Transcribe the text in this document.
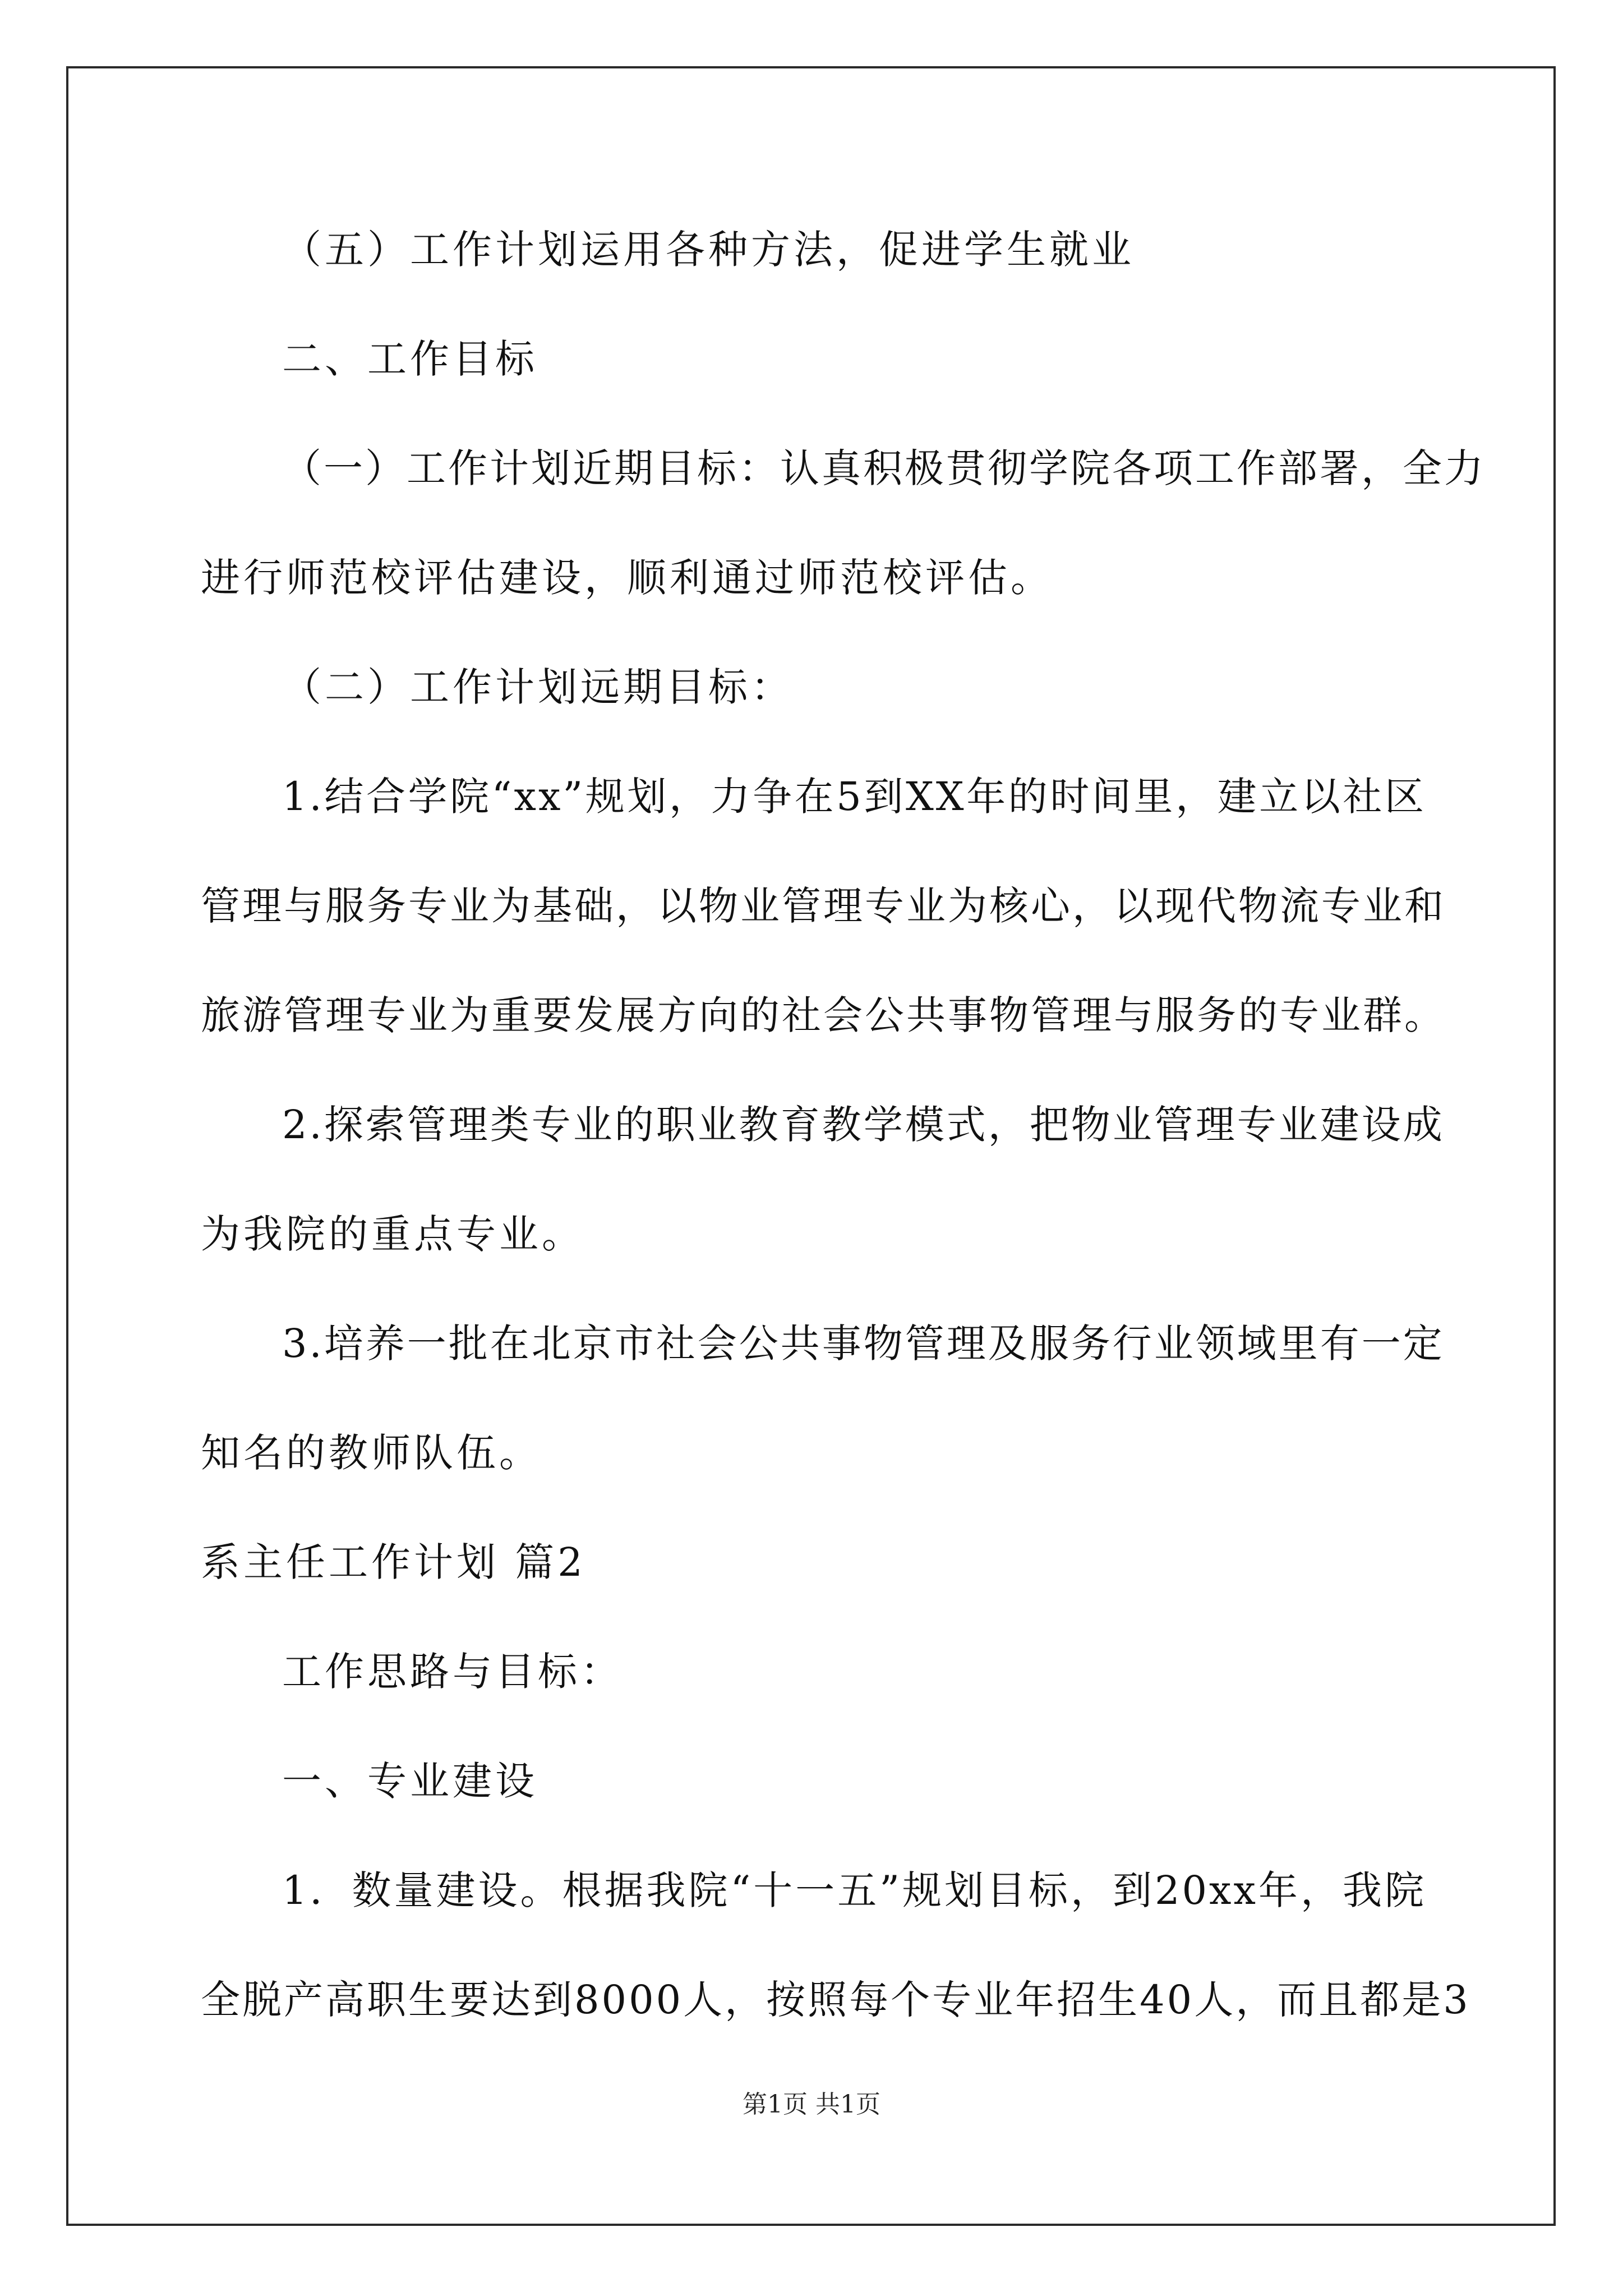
（五）工作计划运用各种方法，促进学生就业
二、工作目标
（一）工作计划近期目标：认真积极贯彻学院各项工作部署，全力
进行师范校评估建设，顺利通过师范校评估。
（二）工作计划远期目标：
1.结合学院“xx”规划，力争在5到XX年的时间里，建立以社区
管理与服务专业为基础，以物业管理专业为核心，以现代物流专业和
旅游管理专业为重要发展方向的社会公共事物管理与服务的专业群。
2.探索管理类专业的职业教育教学模式，把物业管理专业建设成
为我院的重点专业。
3.培养一批在北京市社会公共事物管理及服务行业领域里有一定
知名的教师队伍。
系主任工作计划 篇2
工作思路与目标：
一、专业建设
1．数量建设。根据我院“十一五”规划目标，到20xx年，我院
全脱产高职生要达到8000人，按照每个专业年招生40人，而且都是3
第1页 共1页
